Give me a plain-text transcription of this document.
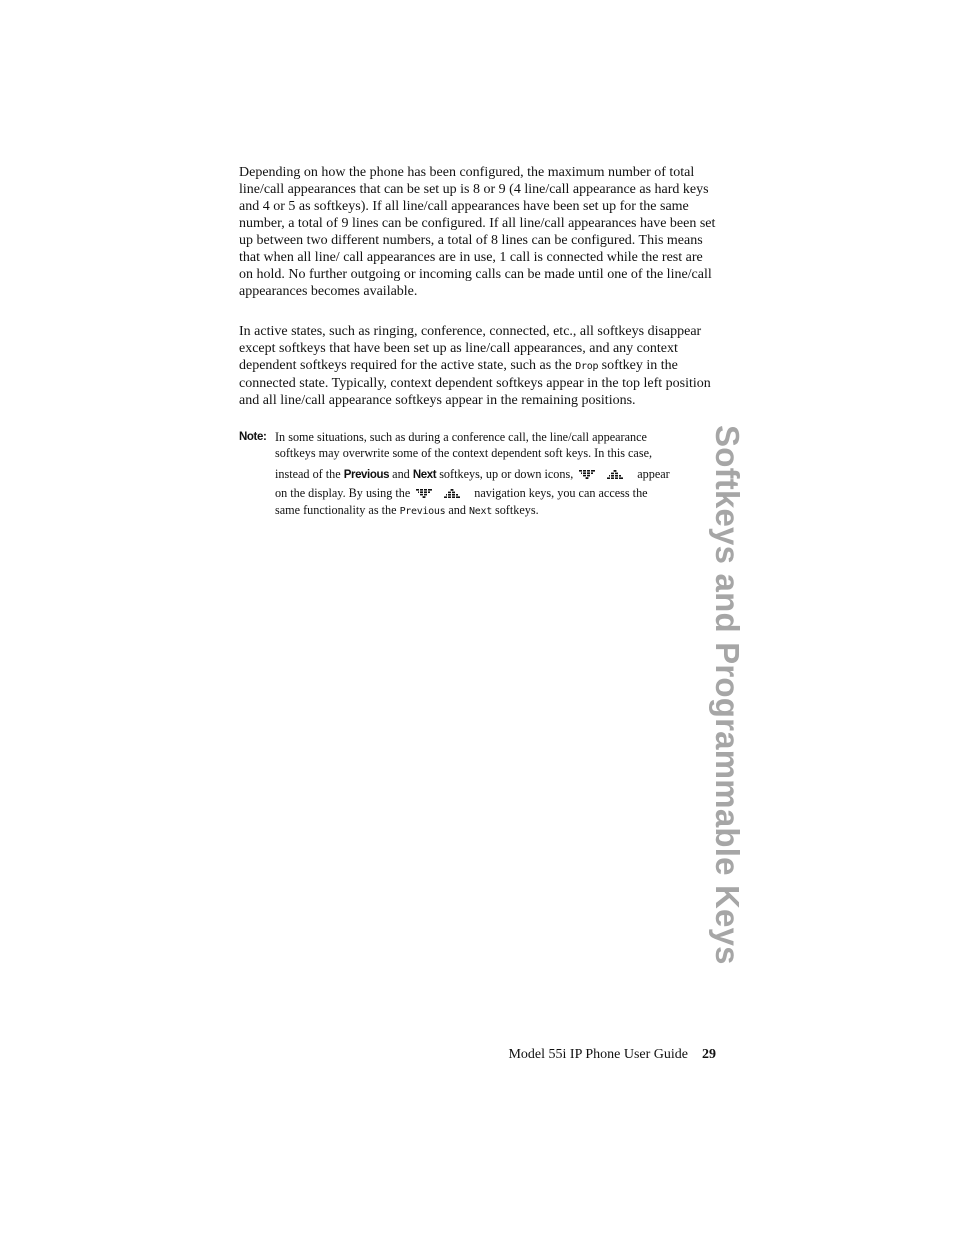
Depending on how the phone has been configured, the maximum number of total line/call appearances that can be set up is 8 or 9 (4 line/call appearance as hard keys and 4 or 5 as softkeys). If all line/call appearances have been set up for the same number, a total of 9 lines can be configured. If all line/call appearances have been set up between two different numbers, a total of 8 lines can be configured. This means that when all line/ call appearances are in use, 1 call is connected while the rest are on hold. No further outgoing or incoming calls can be made until one of the line/call appearances becomes available.

In active states, such as ringing, conference, connected, etc., all softkeys disappear except softkeys that have been set up as line/call appearances, and any context dependent softkeys required for the active state, such as the Drop softkey in the connected state. Typically, context dependent softkeys appear in the top left position and all line/call appearance softkeys appear in the remaining positions.

Note: In some situations, such as during a conference call, the line/call appearance
softkeys may overwrite some of the context dependent soft keys. In this case,
instead of the Previous and Next softkeys, up or down icons,	appear
on the display. By using the	navigation keys, you can access the
same functionality as the Previous and Next softkeys.	Softkeys and Programmable Keys
Model 55i IP Phone User Guide 29
